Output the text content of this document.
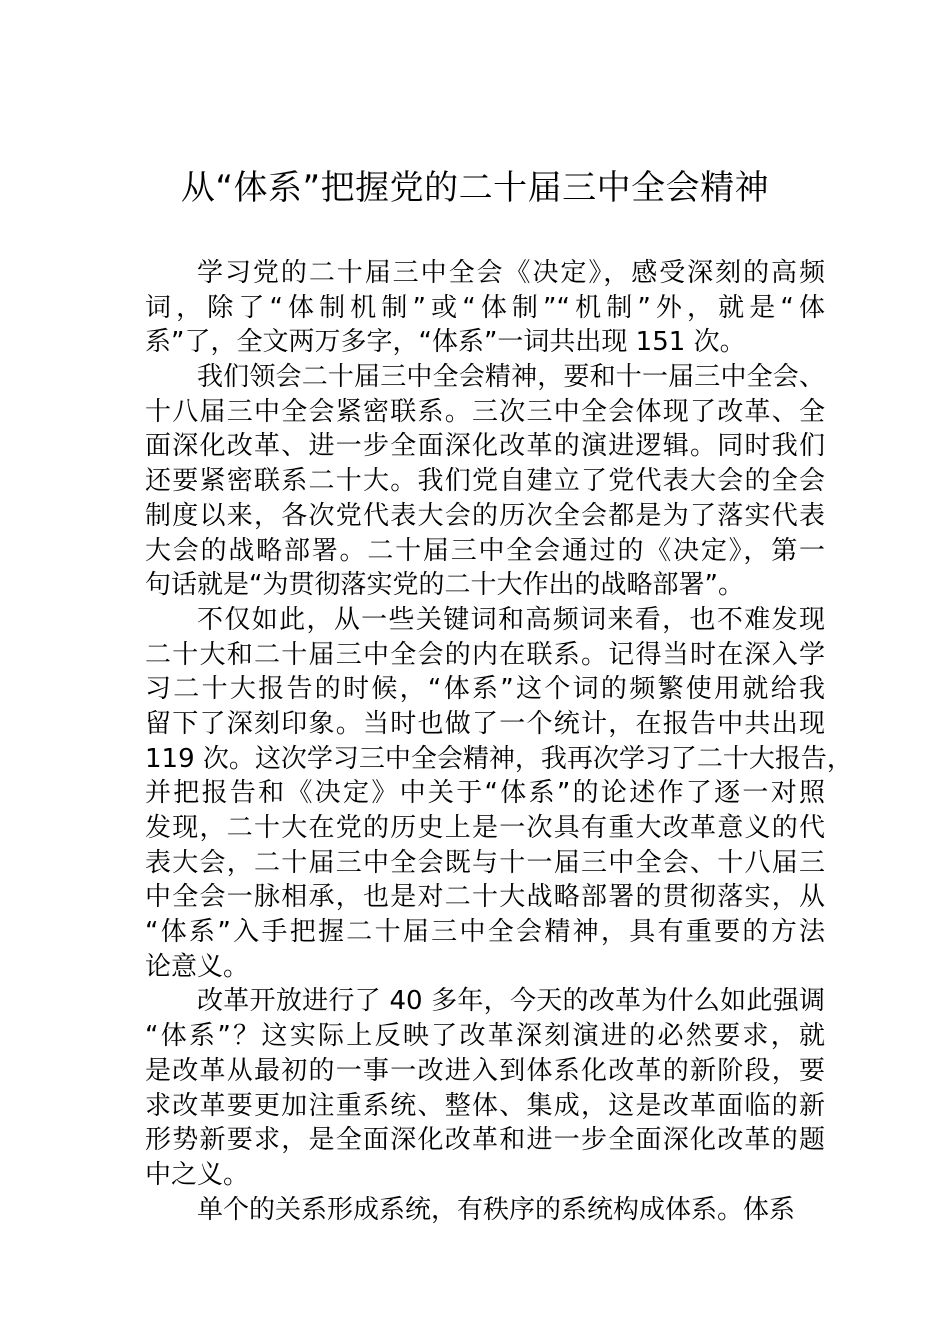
从“体系”把握党的二十届三中全会精神
学习党的二十届三中全会《决定》，感受深刻的高频
词，除了“体制机制”或“体制”“机制”外，就是“体
系”了，全文两万多字，“体系”一词共出现 151 次。
我们领会二十届三中全会精神，要和十一届三中全会、
十八届三中全会紧密联系。三次三中全会体现了改革、全
面深化改革、进一步全面深化改革的演进逻辑。同时我们
还要紧密联系二十大。我们党自建立了党代表大会的全会
制度以来，各次党代表大会的历次全会都是为了落实代表
大会的战略部署。二十届三中全会通过的《决定》，第一
句话就是“为贯彻落实党的二十大作出的战略部署”。
不仅如此，从一些关键词和高频词来看，也不难发现
二十大和二十届三中全会的内在联系。记得当时在深入学
习二十大报告的时候，“体系”这个词的频繁使用就给我
留下了深刻印象。当时也做了一个统计，在报告中共出现
119 次。这次学习三中全会精神，我再次学习了二十大报告，
并把报告和《决定》中关于“体系”的论述作了逐一对照
发现，二十大在党的历史上是一次具有重大改革意义的代
表大会，二十届三中全会既与十一届三中全会、十八届三
中全会一脉相承，也是对二十大战略部署的贯彻落实，从
“体系”入手把握二十届三中全会精神，具有重要的方法
论意义。
改革开放进行了 40 多年，今天的改革为什么如此强调
“体系”？这实际上反映了改革深刻演进的必然要求，就
是改革从最初的一事一改进入到体系化改革的新阶段，要
求改革要更加注重系统、整体、集成，这是改革面临的新
形势新要求，是全面深化改革和进一步全面深化改革的题
中之义。
单个的关系形成系统，有秩序的系统构成体系。体系
